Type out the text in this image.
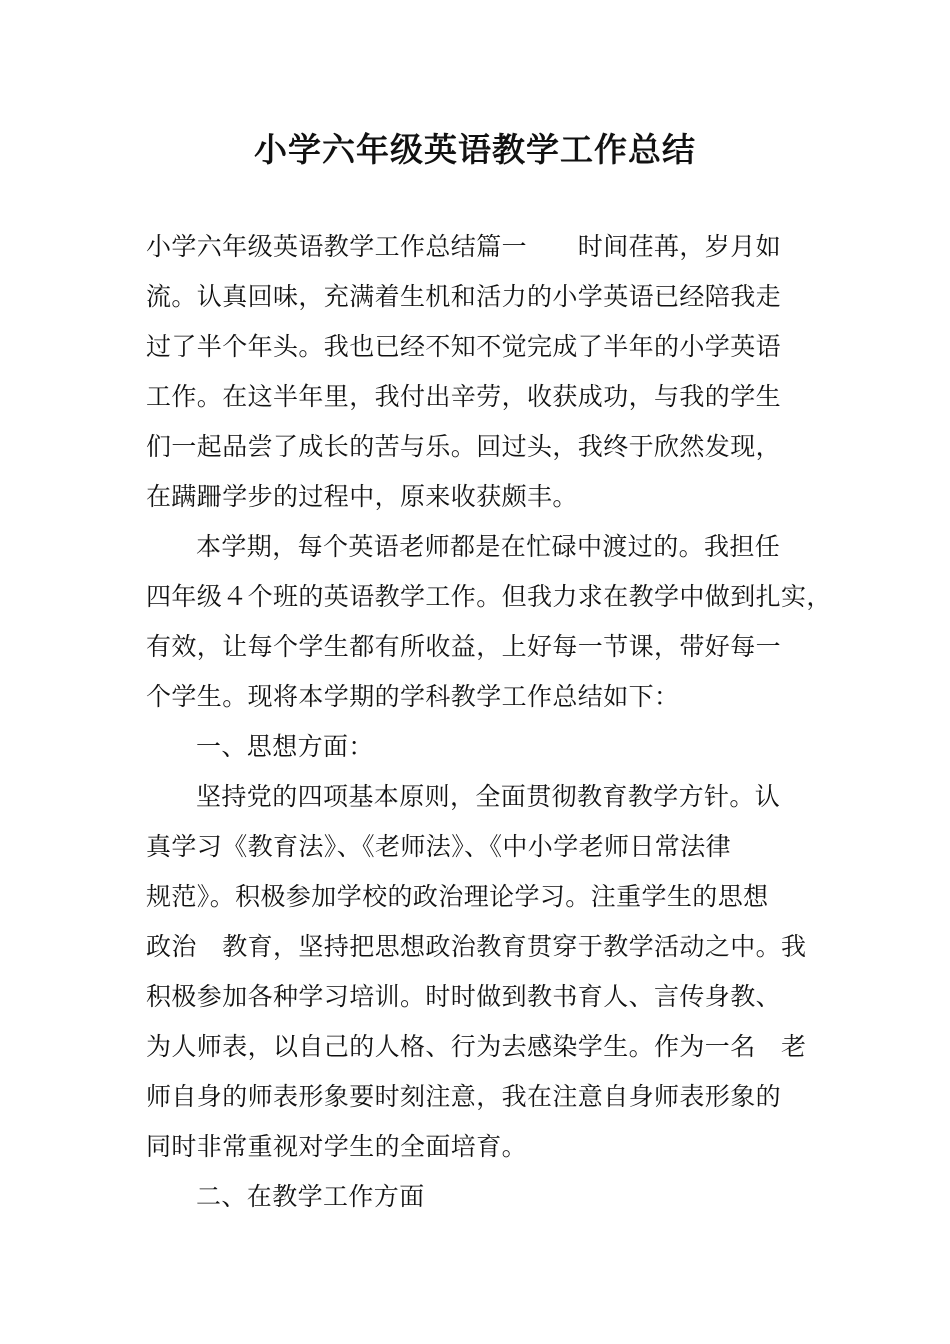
小学六年级英语教学工作总结
小学六年级英语教学工作总结篇一　　时间荏苒，岁月如
流。认真回味，充满着生机和活力的小学英语已经陪我走
过了半个年头。我也已经不知不觉完成了半年的小学英语
工作。在这半年里，我付出辛劳，收获成功，与我的学生
们一起品尝了成长的苦与乐。回过头，我终于欣然发现，
在蹒跚学步的过程中，原来收获颇丰。
本学期，每个英语老师都是在忙碌中渡过的。我担任
四年级４个班的英语教学工作。但我力求在教学中做到扎实，
有效，让每个学生都有所收益，上好每一节课，带好每一
个学生。现将本学期的学科教学工作总结如下：
一、思想方面：
坚持党的四项基本原则，全面贯彻教育教学方针。认
真学习《教育法》、《老师法》、《中小学老师日常法律
规范》。积极参加学校的政治理论学习。注重学生的思想
政治　教育，坚持把思想政治教育贯穿于教学活动之中。我
积极参加各种学习培训。时时做到教书育人、言传身教、
为人师表，以自己的人格、行为去感染学生。作为一名　老
师自身的师表形象要时刻注意，我在注意自身师表形象的
同时非常重视对学生的全面培育。
二、在教学工作方面
